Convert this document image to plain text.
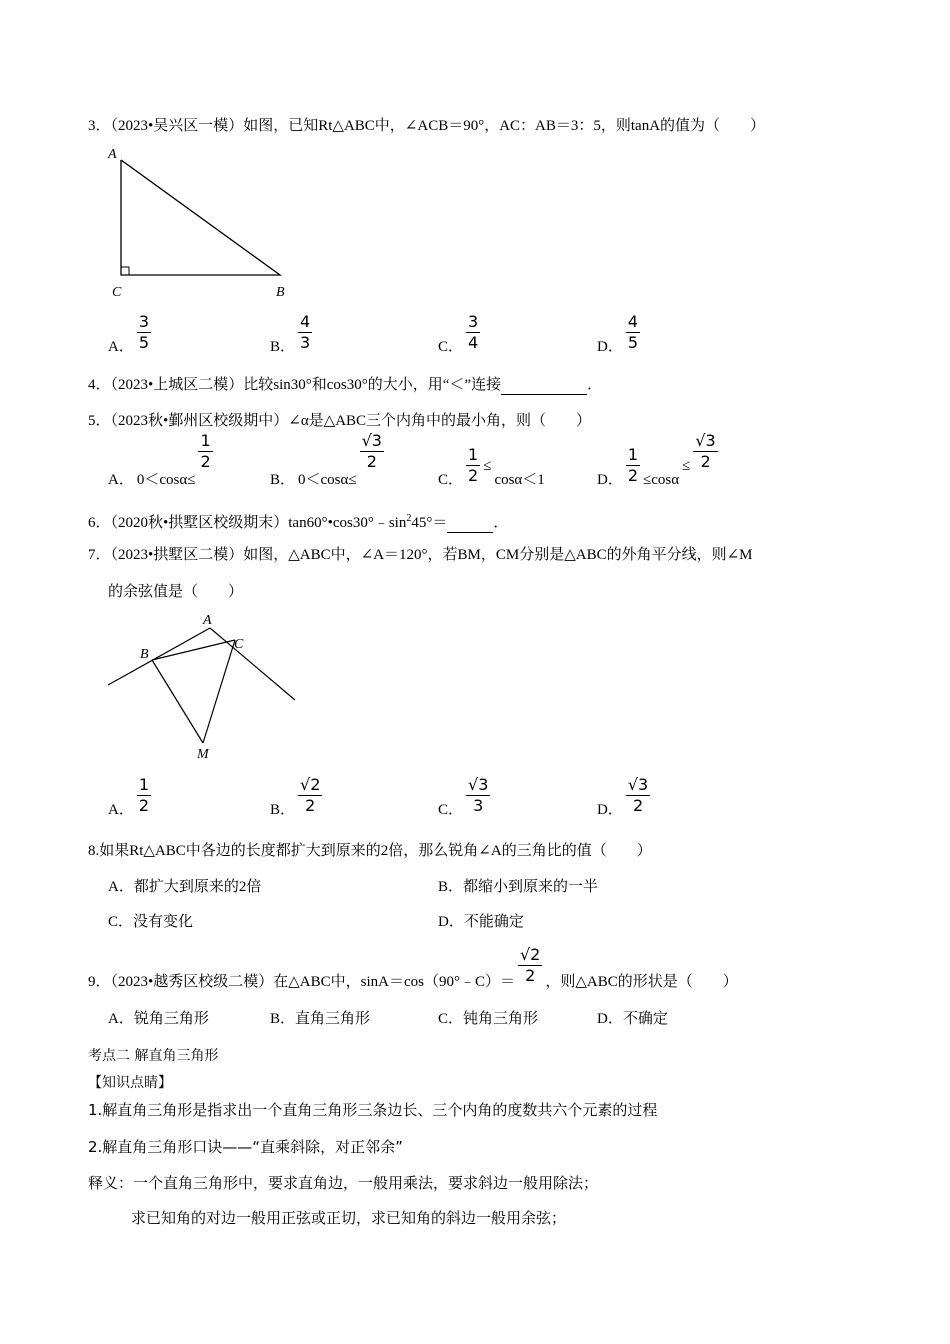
3．（2023•吴兴区一模）如图，已知Rt△ABC中，∠ACB＝90°，AC：AB＝3：5，则tanA的值为（　　）
A
C	B
A． $\frac{3}{5}$	B． $\frac{4}{3}$	C． $\frac{3}{4}$	D． $\frac{4}{5}$
4．（2023•上城区二模）比较sin30°和cos30°的大小，用“＜”连接	．
5．（2023秋•鄞州区校级期中）∠α是△ABC三个内角中的最小角，则（　　）
A． 0＜cosα≤
$\frac{1}{2}$
B． 0＜cosα≤
$\frac{√3}{2}$
C． $\frac{1}{2}$ ≤
cosα＜1	D． $\frac{1}{2} \le\cos\alpha$
≤ $\frac{√3}{2}$
6．（2020秋•拱墅区校级期末）$\tan 60^\circ•\cos 30^\circ﹣\sin^245^\circ=$	．
7．（2023•拱墅区二模）如图，△ABC中，∠A＝120°，若BM，CM分别是△ABC的外角平分线，则∠M
的余弦值是（　　）
A
B
C
M
A． $\frac{1}{2}$	B． $\frac{√2}{2}$	C． $\frac{√3}{3}$	D． $\frac{√3}{2}$
8.如果Rt△ABC中各边的长度都扩大到原来的2倍，那么锐角∠A的三角比的值（　　）
A．都扩大到原来的2倍	B．都缩小到原来的一半
C．没有变化	D．不能确定
9．（2023•越秀区校级二模）在△ABC中，sinA＝cos（90°﹣C）＝ $\frac{√2}{2}$ ，则△ABC的形状是（　　）
A．锐角三角形	B．直角三角形	C．钝角三角形	D．不确定
考点二 解直角三角形
【知识点睛】
1.解直角三角形是指求出一个直角三角形三条边长、三个内角的度数共六个元素的过程
2.解直角三角形口诀——“直乘斜除，对正邻余”
释义：一个直角三角形中，要求直角边，一般用乘法，要求斜边一般用除法；
求已知角的对边一般用正弦或正切，求已知角的斜边一般用余弦；
